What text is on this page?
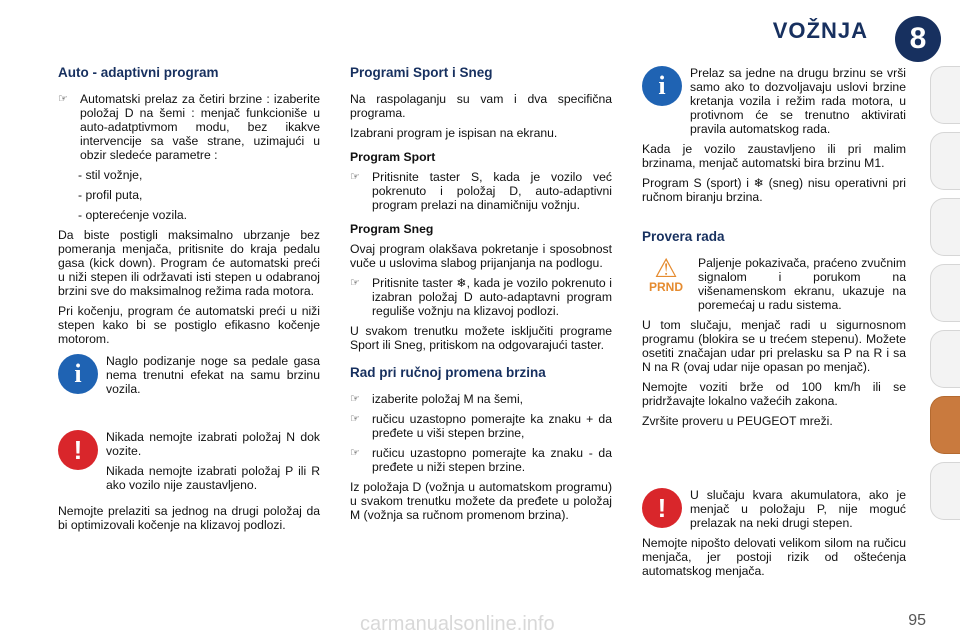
VOŽNJA	8
Auto - adaptivni program
☞ Automatski prelaz za četiri brzine : izaberite položaj D na šemi : menjač funkcioniše u auto-adatptivmom modu, bez ikakve intervencije sa vaše strane, uzimajući u obzir sledeće parametre :
- stil vožnje,
- profil puta,
- opterećenje vozila.

Da biste postigli maksimalno ubrzanje bez pomeranja menjača, pritisnite do kraja pedalu gasa (kick down). Program će automatski preći u niži stepen ili održavati isti stepen u odabranoj brzini sve do maksimalnog režima rada motora.

Pri kočenju, program će automatski preći u niži stepen kako bi se postiglo efikasno kočenje motorom.

i	Naglo podizanje noge sa pedale gasa nema trenutni efekat na samu brzinu vozila.
!	Nikada nemojte izabrati položaj N dok vozite.

Nikada nemojte izabrati položaj P ili R ako vozilo nije zaustavljeno.

Nemojte prelaziti sa jednog na drugi položaj da bi optimizovali kočenje na klizavoj podlozi.

Programi Sport i Sneg

Na raspolaganju su vam i dva specifična programa.

Izabrani program je ispisan na ekranu.

Program Sport
☞ Pritisnite taster S, kada je vozilo već pokrenuto i položaj D, auto-adaptivni program prelazi na dinamičniju vožnju.
Program Sneg

Ovaj program olakšava pokretanje i sposobnost vuče u uslovima slabog prijanjanja na podlogu.

☞ Pritisnite taster ❄, kada je vozilo pokrenuto i izabran položaj D auto-adaptavni program reguliše vožnju na klizavoj podlozi.

U svakom trenutku možete isključiti programe Sport ili Sneg, pritiskom na odgovarajući taster.

Rad pri ručnoj promena brzina
☞ izaberite položaj M na šemi,
☞ ručicu uzastopno pomerajte ka znaku + da pređete u viši stepen brzine,
☞ ručicu uzastopno pomerajte ka znaku - da pređete u niži stepen brzine.

Iz položaja D (vožnja u automatskom programu) u svakom trenutku možete da pređete u položaj M (vožnja sa ručnom promenom brzina).

i	Prelaz sa jedne na drugu brzinu se vrši samo ako to dozvoljavaju uslovi brzine kretanja vozila i režim rada motora, u protivnom će se trenutno aktivirati pravila automatskog rada.

Kada je vozilo zaustavljeno ili pri malim brzinama, menjač automatski bira brzinu M1.

Program S (sport) i ❄ (sneg) nisu operativni pri ručnom biranju brzina.

Provera rada
⚠
PRND
Paljenje pokazivača, praćeno zvučnim signalom i porukom na višenamenskom ekranu, ukazuje na poremećaj u radu sistema.

U tom slučaju, menjač radi u sigurnosnom programu (blokira se u trećem stepenu). Možete osetiti značajan udar pri prelasku sa P na R i sa N na R (ovaj udar nije opasan po menjač).

Nemojte voziti brže od 100 km/h ili se pridržavajte lokalno važećih zakona.

Zvršite proveru u PEUGEOT mreži.

!	U slučaju kvara akumulatora, ako je menjač u položaju P, nije moguć prelazak na neki drugi stepen.

Nemojte nipošto delovati velikom silom na ručicu menjača, jer postoji rizik od oštećenja automatskog menjača.

carmanualsonline.info	95
